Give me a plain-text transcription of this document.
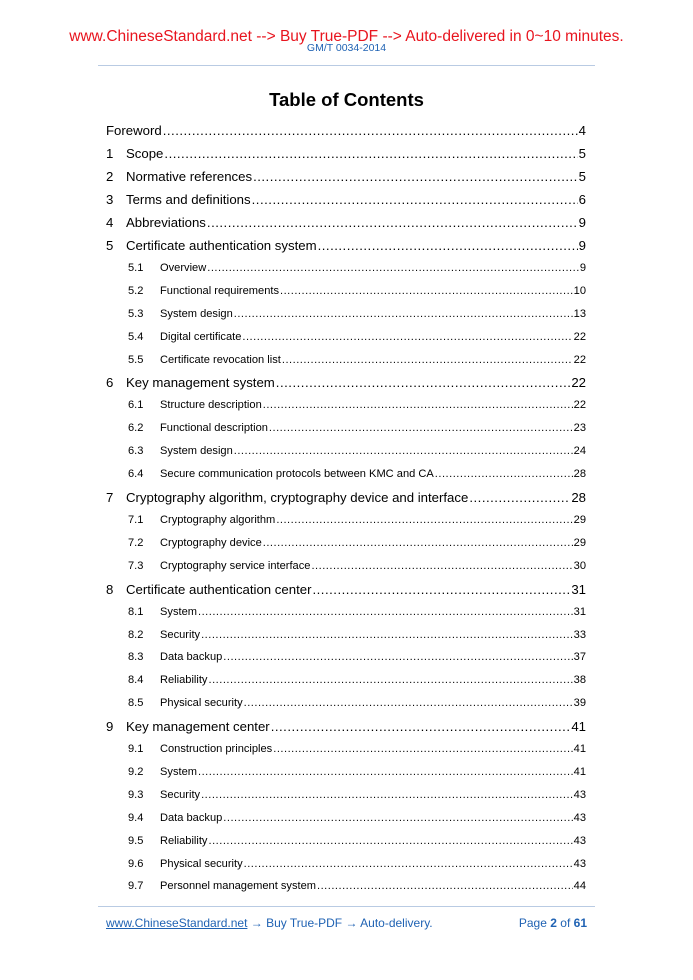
www.ChineseStandard.net --> Buy True-PDF --> Auto-delivered in 0~10 minutes.
GM/T 0034-2014
Table of Contents
Foreword .....	4
1 Scope .....	5
2 Normative references .....	5
3 Terms and definitions .....	6
4 Abbreviations .....	9
5 Certificate authentication system .....	9
5.1	Overview .....	9
5.2	Functional requirements .....	10
5.3	System design .....	13
5.4	Digital certificate .....	22
5.5	Certificate revocation list .....	22
6 Key management system .....	22
6.1	Structure description .....	22
6.2	Functional description .....	23
6.3	System design .....	24
6.4	Secure communication protocols between KMC and CA .....	28
7 Cryptography algorithm, cryptography device and interface .....	28
7.1	Cryptography algorithm .....	29
7.2	Cryptography device .....	29
7.3	Cryptography service interface .....	30
8 Certificate authentication center .....	31
8.1	System .....	31
8.2	Security .....	33
8.3	Data backup .....	37
8.4	Reliability .....	38
8.5	Physical security .....	39
9 Key management center .....	41
9.1	Construction principles .....	41
9.2	System .....	41
9.3	Security .....	43
9.4	Data backup .....	43
9.5	Reliability .....	43
9.6	Physical security .....	43
9.7	Personnel management system .....	44
www.ChineseStandard.net → Buy True-PDF → Auto-delivery.	Page 2 of 61
